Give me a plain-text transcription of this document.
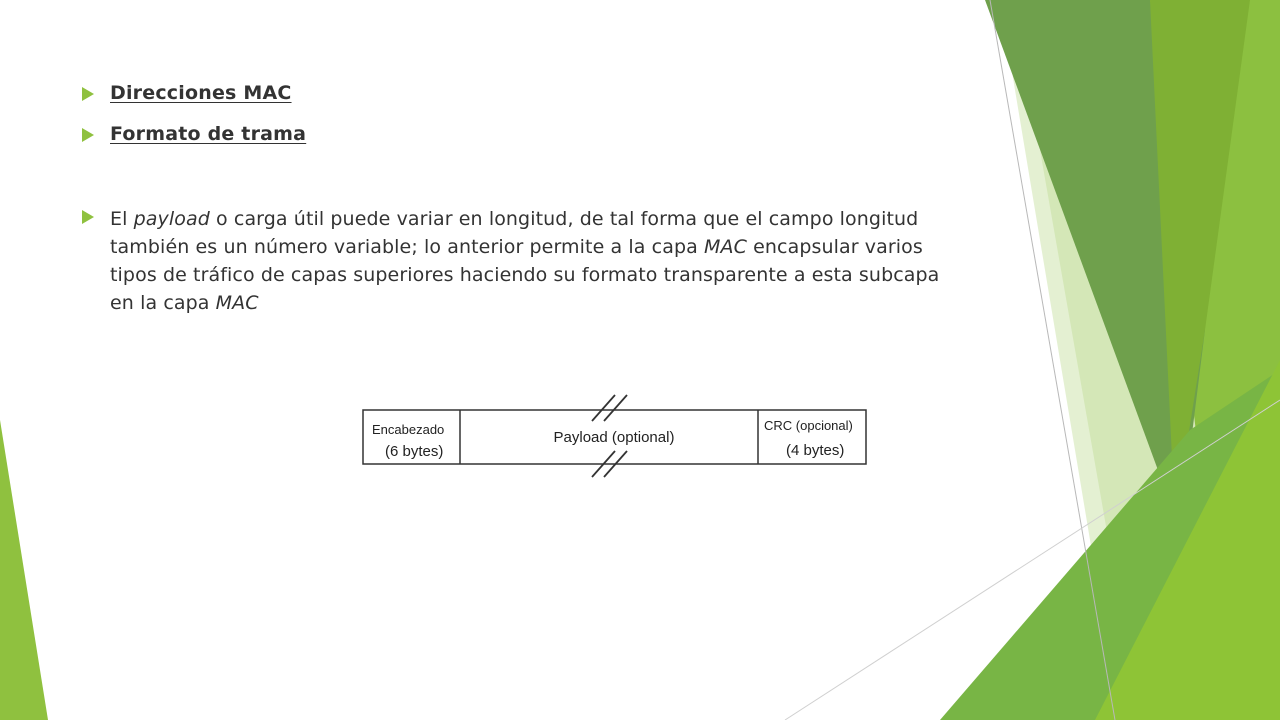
Direcciones MAC
Formato de trama
El payload o carga útil puede variar en longitud, de tal forma que el campo longitud también es un número variable; lo anterior permite a la capa MAC encapsular varios tipos de tráfico de capas superiores haciendo su formato transparente a esta subcapa en la capa MAC
Encabezado
(6 bytes)
Payload (optional)
CRC (opcional)
(4 bytes)
